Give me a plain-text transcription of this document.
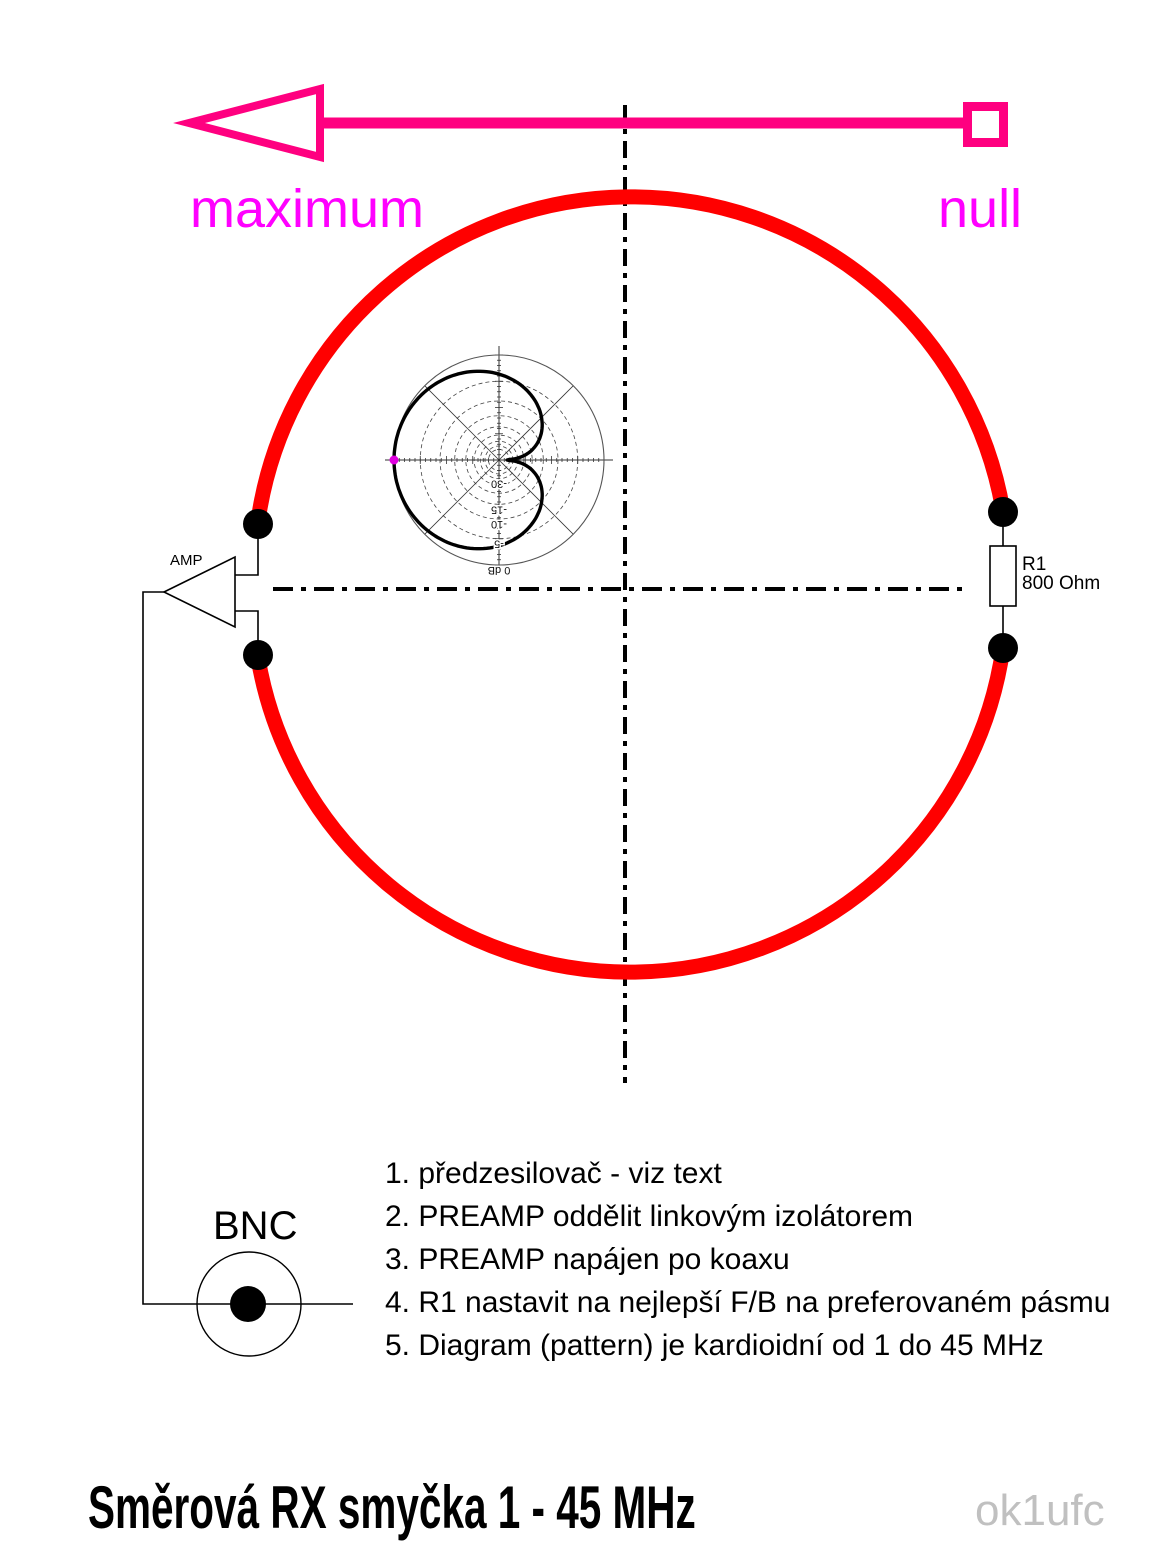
-30
-15
-10
-5
0 dB
maximum	null
AMP	R1
800 Ohm
BNC
1. předzesilovač - viz text
2. PREAMP oddělit linkovým izolátorem
3. PREAMP napájen po koaxu
4. R1 nastavit na nejlepší F/B na preferovaném pásmu
5. Diagram (pattern) je kardioidní od 1 do 45 MHz
Směrová RX smyčka 1 - 45 MHz	ok1ufc
